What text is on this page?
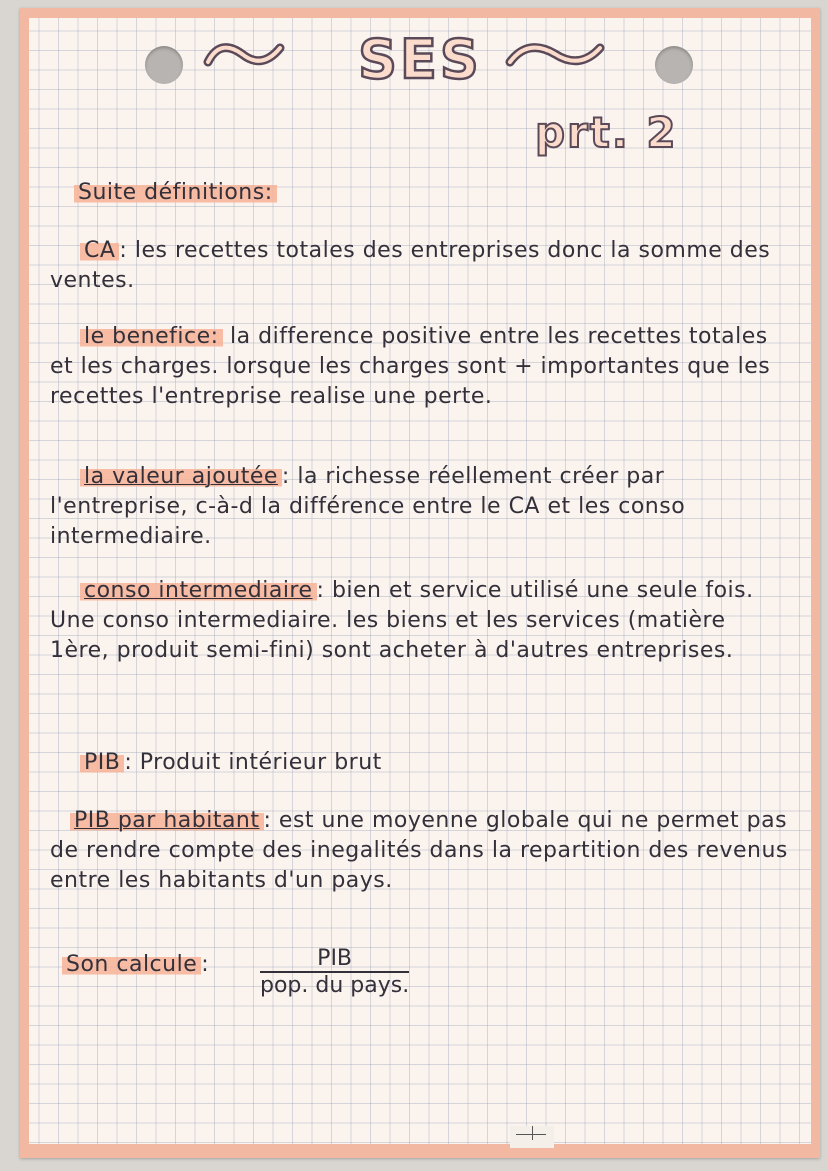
SES
prt. 2
Suite définitions:
CA : les recettes totales des entreprises donc la somme des ventes.
le benefice: la difference positive entre les recettes totales et les charges. lorsque les charges sont + importantes que les recettes l'entreprise realise une perte.
la valeur ajoutée : la richesse réellement créer par l'entreprise, c-à-d la différence entre le CA et les conso intermediaire.
conso intermediaire : bien et service utilisé une seule fois. Une conso intermediaire. les biens et les services (matière 1ère, produit semi-fini) sont acheter à d'autres entreprises.
PIB : Produit intérieur brut
PIB par habitant : est une moyenne globale qui ne permet pas de rendre compte des inegalités dans la repartition des revenus entre les habitants d'un pays.
Son calcule :	PIB
pop. du pays.
